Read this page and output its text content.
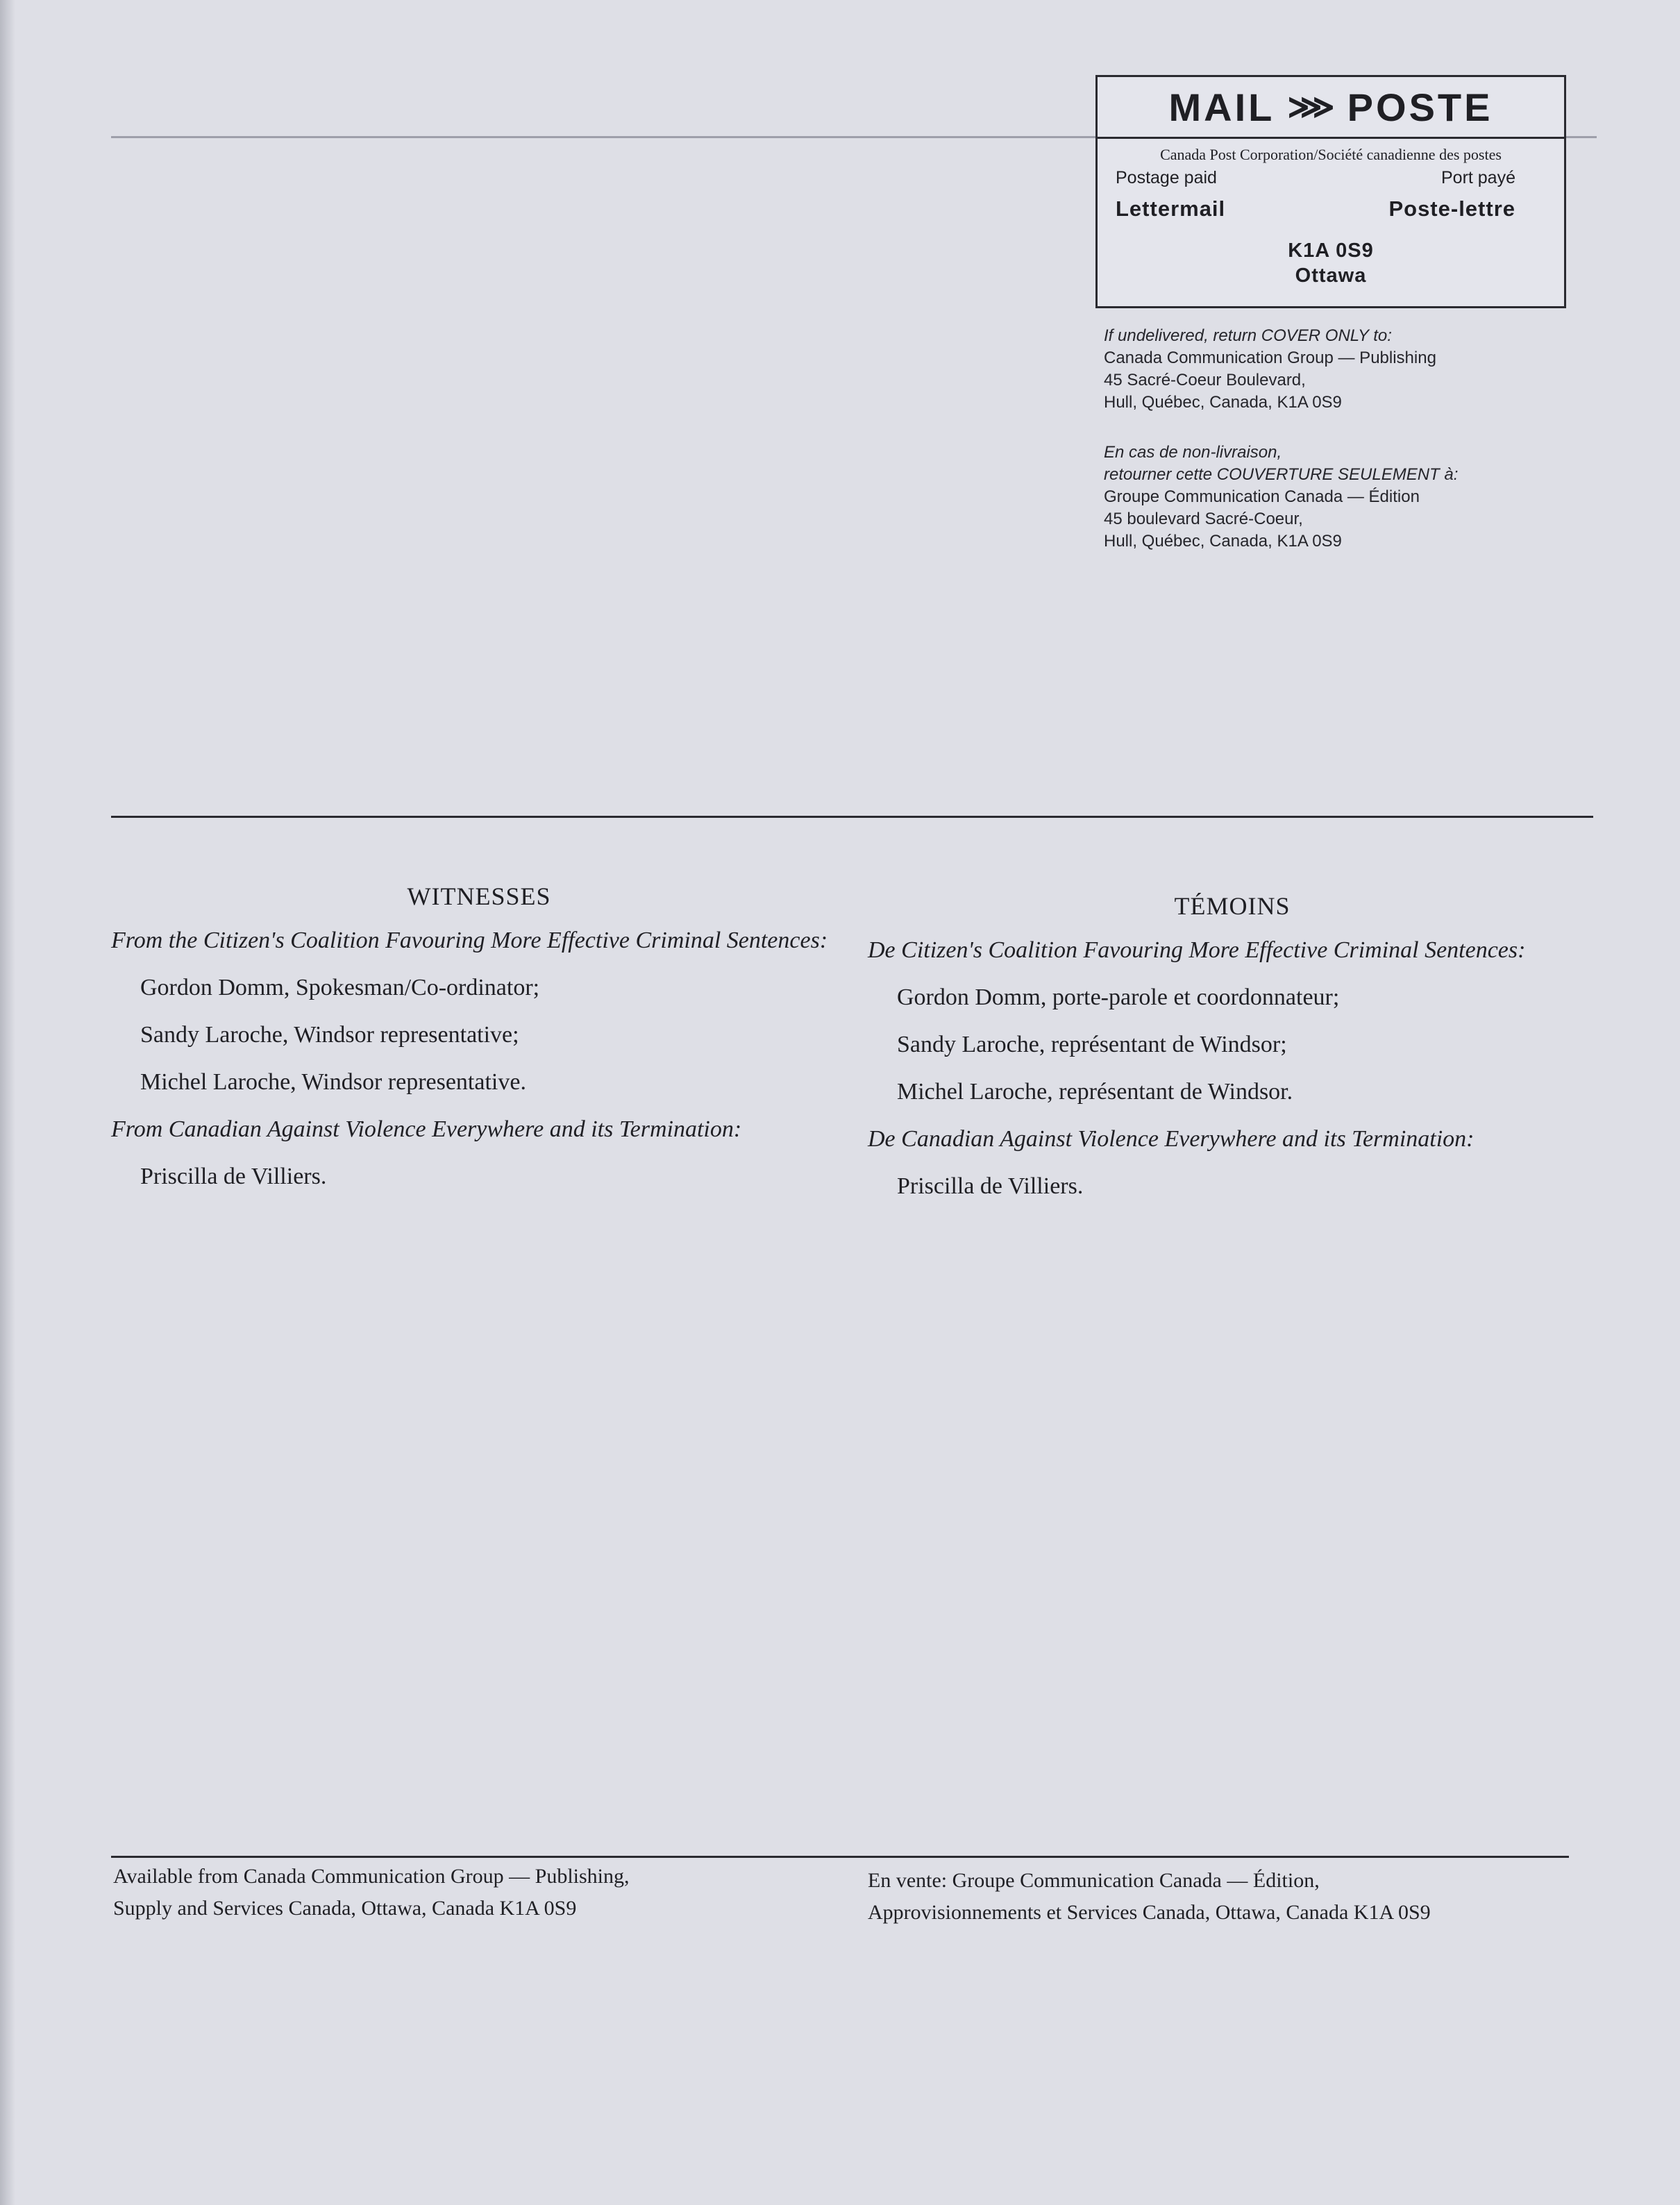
MAIL ⋙ POSTE
Canada Post Corporation/Société canadienne des postes
Postage paid	Port payé
Lettermail	Poste-lettre
K1A 0S9
Ottawa
If undelivered, return COVER ONLY to:
Canada Communication Group — Publishing
45 Sacré-Coeur Boulevard,
Hull, Québec, Canada, K1A 0S9
En cas de non-livraison,
retourner cette COUVERTURE SEULEMENT à:
Groupe Communication Canada — Édition
45 boulevard Sacré-Coeur,
Hull, Québec, Canada, K1A 0S9
WITNESSES

From the Citizen's Coalition Favouring More Effective Criminal Sentences:

Gordon Domm, Spokesman/Co-ordinator;
Sandy Laroche, Windsor representative;
Michel Laroche, Windsor representative.

From Canadian Against Violence Everywhere and its Termination:

Priscilla de Villiers.
TÉMOINS

De Citizen's Coalition Favouring More Effective Criminal Sentences:

Gordon Domm, porte-parole et coordonnateur;
Sandy Laroche, représentant de Windsor;
Michel Laroche, représentant de Windsor.

De Canadian Against Violence Everywhere and its Termination:

Priscilla de Villiers.
Available from Canada Communication Group — Publishing,
Supply and Services Canada, Ottawa, Canada K1A 0S9
En vente: Groupe Communication Canada — Édition,
Approvisionnements et Services Canada, Ottawa, Canada K1A 0S9
